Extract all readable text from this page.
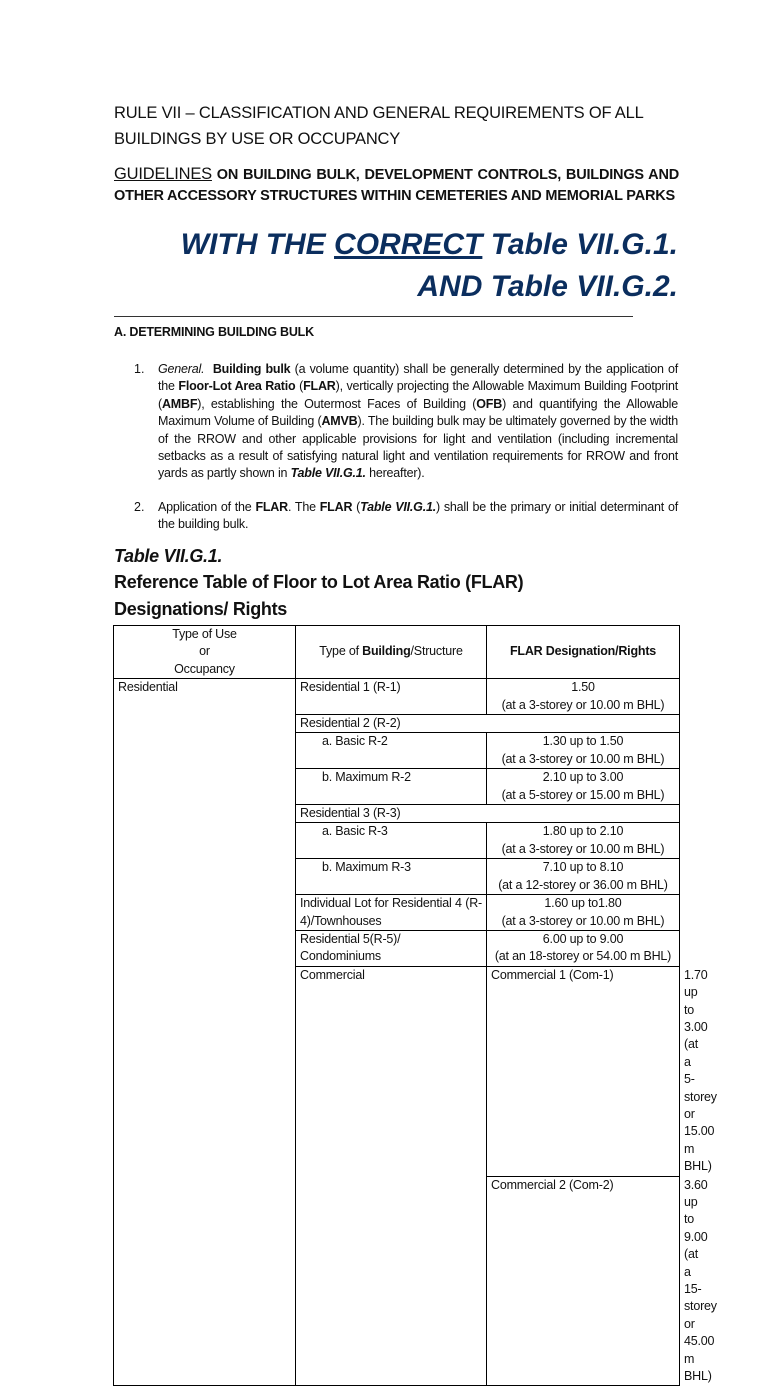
RULE VII – CLASSIFICATION AND GENERAL REQUIREMENTS OF ALL BUILDINGS BY USE OR OCCUPANCY
GUIDELINES ON BUILDING BULK, DEVELOPMENT CONTROLS, BUILDINGS AND OTHER ACCESSORY STRUCTURES WITHIN CEMETERIES AND MEMORIAL PARKS
WITH THE CORRECT Table VII.G.1.
AND Table VII.G.2.
A. DETERMINING BUILDING BULK
1. General. Building bulk (a volume quantity) shall be generally determined by the application of the Floor-Lot Area Ratio (FLAR), vertically projecting the Allowable Maximum Building Footprint (AMBF), establishing the Outermost Faces of Building (OFB) and quantifying the Allowable Maximum Volume of Building (AMVB). The building bulk may be ultimately governed by the width of the RROW and other applicable provisions for light and ventilation (including incremental setbacks as a result of satisfying natural light and ventilation requirements for RROW and front yards as partly shown in Table VII.G.1. hereafter).
2. Application of the FLAR. The FLAR (Table VII.G.1.) shall be the primary or initial determinant of the building bulk.
Table VII.G.1.
Reference Table of Floor to Lot Area Ratio (FLAR)
Designations/ Rights
Type of Use
or
Occupancy	Type of Building/Structure	FLAR Designation/Rights	
Residential	Residential 1 (R-1)	1.50
(at a 3-storey or 10.00 m BHL)	

	Residential 2 (R-2)		
	a. Basic R-2	1.30 up to 1.50
(at a 3-storey or 10.00 m BHL)	

	b. Maximum R-2	2.10 up to 3.00
(at a 5-storey or 15.00 m BHL)	

	Residential 3 (R-3)		
	a. Basic R-3	1.80 up to 2.10
(at a 3-storey or 10.00 m BHL)	

	b. Maximum R-3	7.10 up to 8.10
(at a 12-storey or 36.00 m BHL)	

	Individual Lot for Residential 4 (R-4)/Townhouses	1.60 up to1.80
(at a 3-storey or 10.00 m BHL)	

	Residential 5(R-5)/ Condominiums	6.00 up to 9.00
(at an 18-storey or 54.00 m BHL)	

	Commercial	Commercial 1 (Com-1)	1.70 up to 3.00
(at a 5-storey or 15.00 m BHL)

		Commercial 2 (Com-2)	3.60 up to 9.00
(at a 15-storey or 45.00 m BHL)
